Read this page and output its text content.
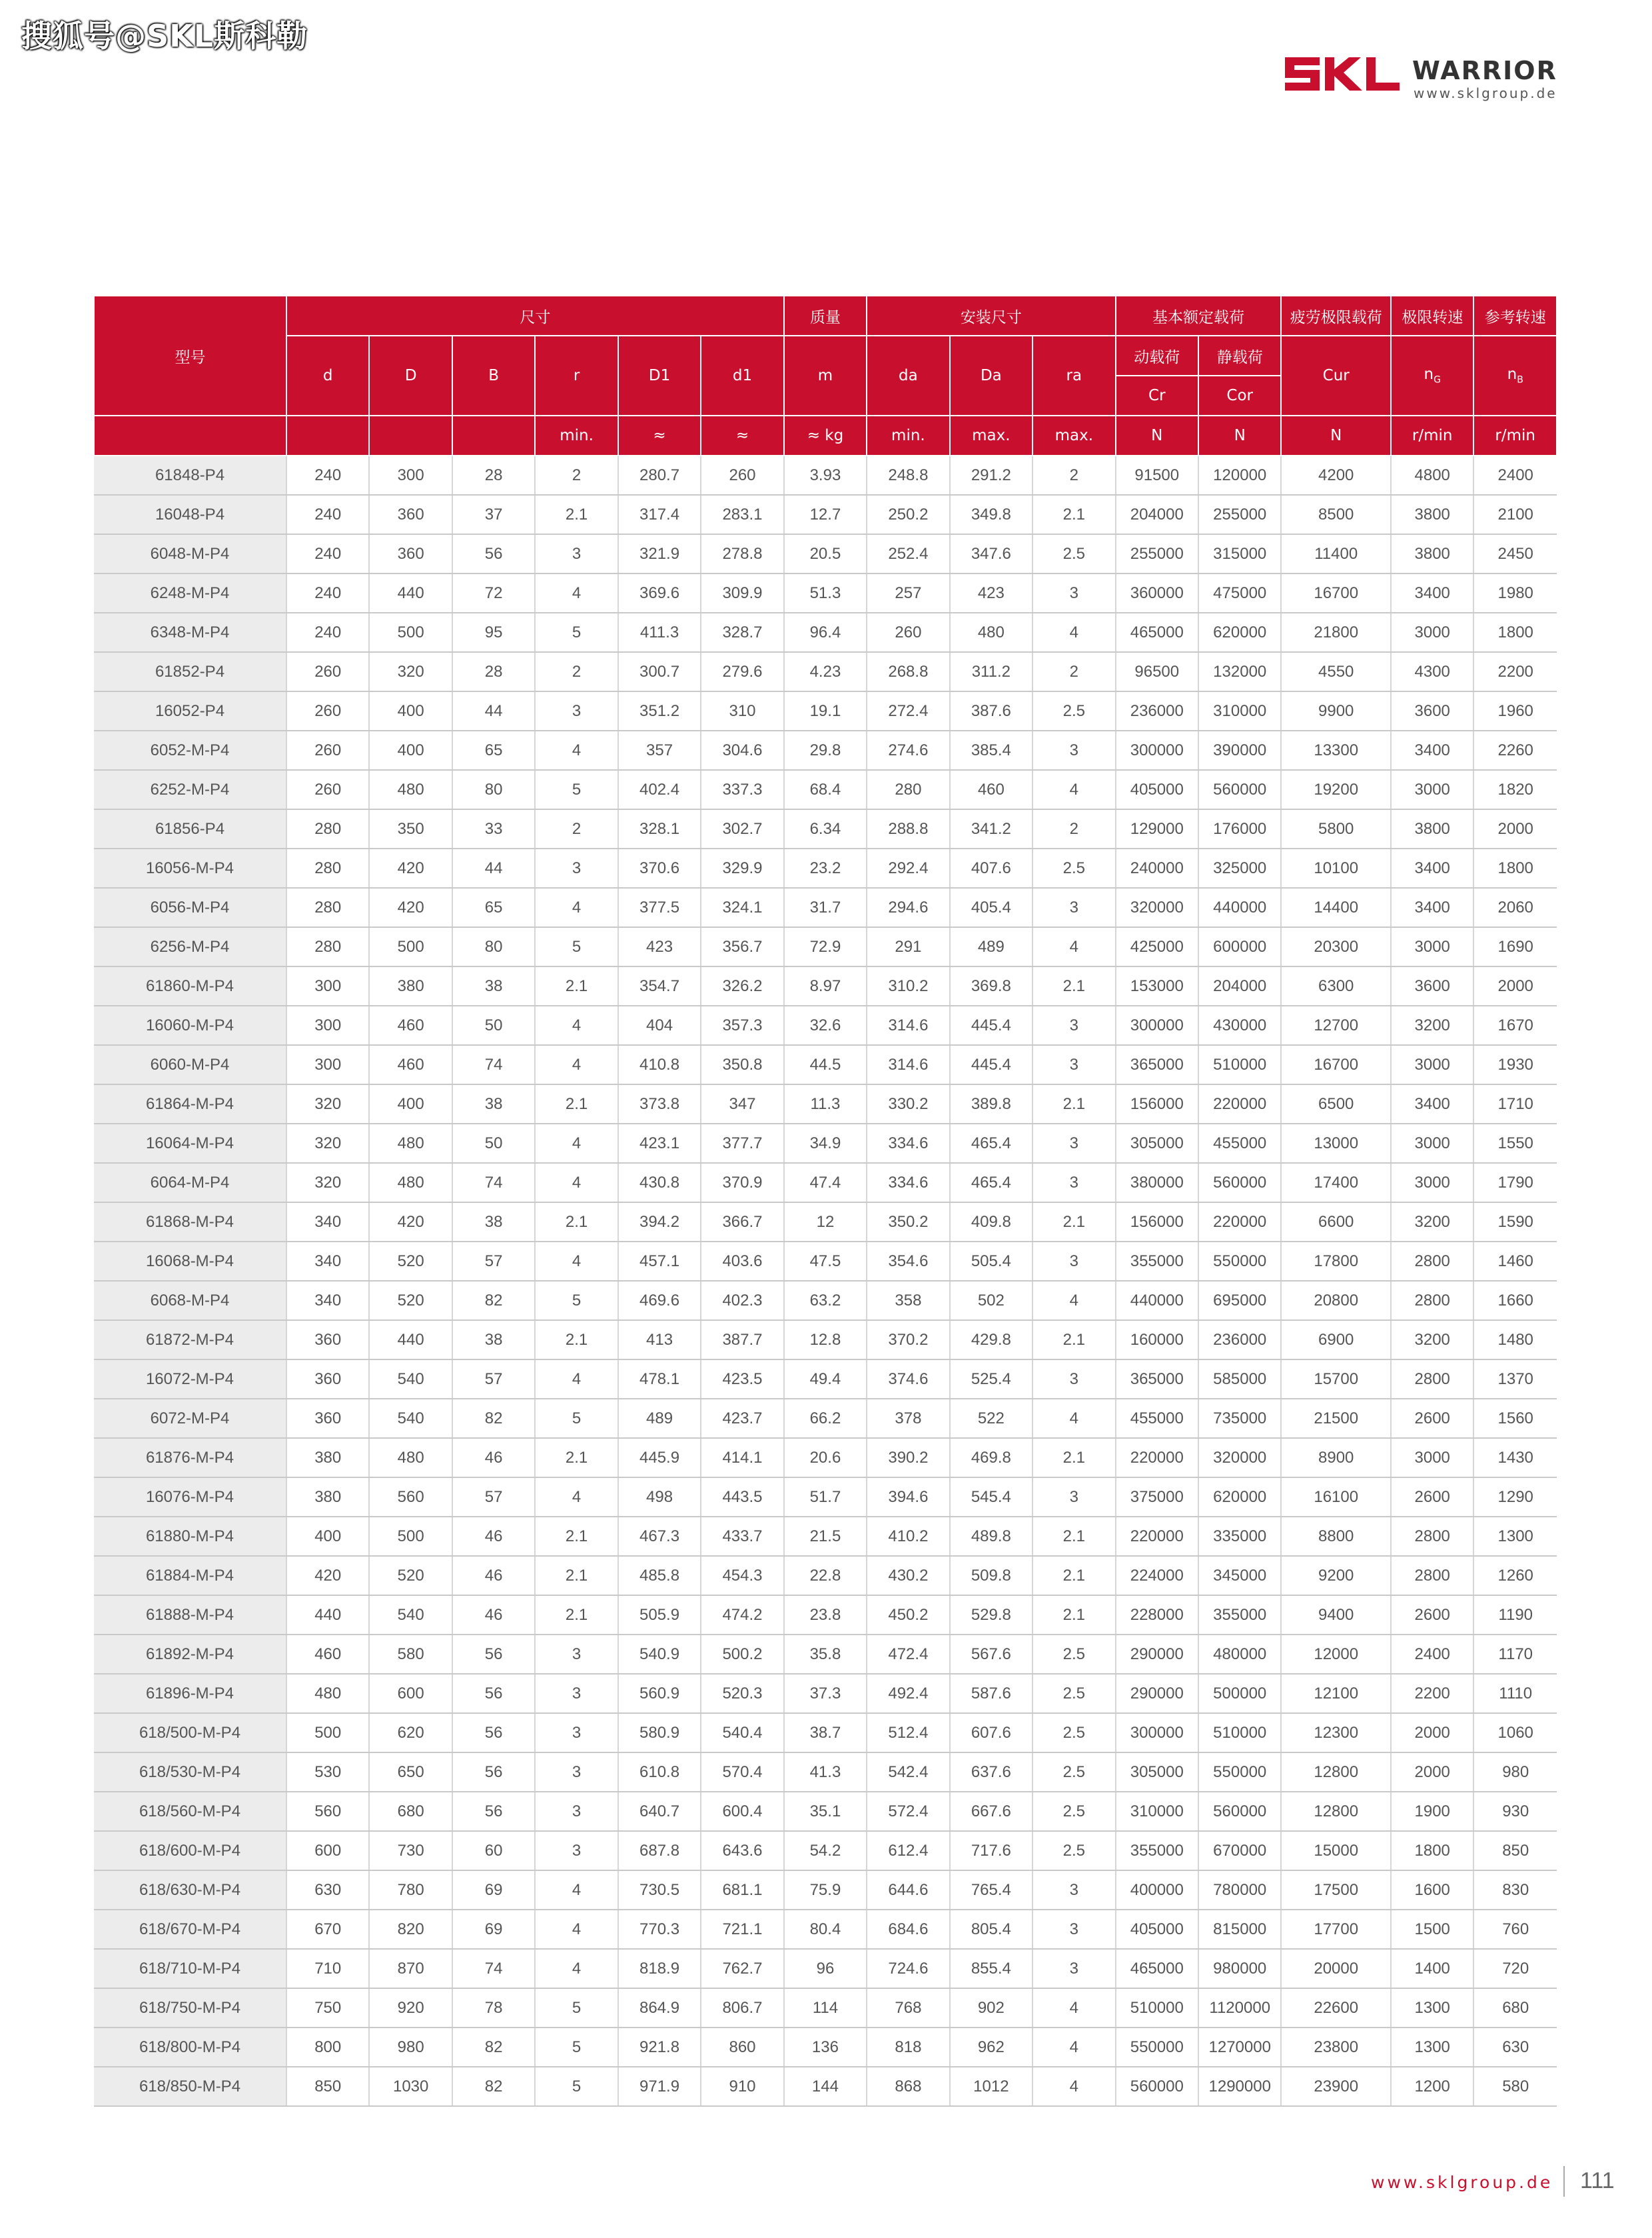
搜狐号@SKL斯科勒
WARRIOR
www.sklgroup.de
型号	尺寸						质量	安装尺寸			基本额定载荷		疲劳极限载荷	极限转速	参考转速
	d	D	B	r	D1	d1	m	da	Da	ra	动载荷	静载荷	Cur	$n_G$	$n_B$
											Cr	Cor			
				min.	≈	≈	≈ kg	min.	max.	max.	N	N	N	r/min	r/min
61848-P4	240	300	28	2	280.7	260	3.93	248.8	291.2	2	91500	120000	4200	4800	2400
16048-P4	240	360	37	2.1	317.4	283.1	12.7	250.2	349.8	2.1	204000	255000	8500	3800	2100
6048-M-P4	240	360	56	3	321.9	278.8	20.5	252.4	347.6	2.5	255000	315000	11400	3800	2450
6248-M-P4	240	440	72	4	369.6	309.9	51.3	257	423	3	360000	475000	16700	3400	1980
6348-M-P4	240	500	95	5	411.3	328.7	96.4	260	480	4	465000	620000	21800	3000	1800
61852-P4	260	320	28	2	300.7	279.6	4.23	268.8	311.2	2	96500	132000	4550	4300	2200
16052-P4	260	400	44	3	351.2	310	19.1	272.4	387.6	2.5	236000	310000	9900	3600	1960
6052-M-P4	260	400	65	4	357	304.6	29.8	274.6	385.4	3	300000	390000	13300	3400	2260
6252-M-P4	260	480	80	5	402.4	337.3	68.4	280	460	4	405000	560000	19200	3000	1820
61856-P4	280	350	33	2	328.1	302.7	6.34	288.8	341.2	2	129000	176000	5800	3800	2000
16056-M-P4	280	420	44	3	370.6	329.9	23.2	292.4	407.6	2.5	240000	325000	10100	3400	1800
6056-M-P4	280	420	65	4	377.5	324.1	31.7	294.6	405.4	3	320000	440000	14400	3400	2060
6256-M-P4	280	500	80	5	423	356.7	72.9	291	489	4	425000	600000	20300	3000	1690
61860-M-P4	300	380	38	2.1	354.7	326.2	8.97	310.2	369.8	2.1	153000	204000	6300	3600	2000
16060-M-P4	300	460	50	4	404	357.3	32.6	314.6	445.4	3	300000	430000	12700	3200	1670
6060-M-P4	300	460	74	4	410.8	350.8	44.5	314.6	445.4	3	365000	510000	16700	3000	1930
61864-M-P4	320	400	38	2.1	373.8	347	11.3	330.2	389.8	2.1	156000	220000	6500	3400	1710
16064-M-P4	320	480	50	4	423.1	377.7	34.9	334.6	465.4	3	305000	455000	13000	3000	1550
6064-M-P4	320	480	74	4	430.8	370.9	47.4	334.6	465.4	3	380000	560000	17400	3000	1790
61868-M-P4	340	420	38	2.1	394.2	366.7	12	350.2	409.8	2.1	156000	220000	6600	3200	1590
16068-M-P4	340	520	57	4	457.1	403.6	47.5	354.6	505.4	3	355000	550000	17800	2800	1460
6068-M-P4	340	520	82	5	469.6	402.3	63.2	358	502	4	440000	695000	20800	2800	1660
61872-M-P4	360	440	38	2.1	413	387.7	12.8	370.2	429.8	2.1	160000	236000	6900	3200	1480
16072-M-P4	360	540	57	4	478.1	423.5	49.4	374.6	525.4	3	365000	585000	15700	2800	1370
6072-M-P4	360	540	82	5	489	423.7	66.2	378	522	4	455000	735000	21500	2600	1560
61876-M-P4	380	480	46	2.1	445.9	414.1	20.6	390.2	469.8	2.1	220000	320000	8900	3000	1430
16076-M-P4	380	560	57	4	498	443.5	51.7	394.6	545.4	3	375000	620000	16100	2600	1290
61880-M-P4	400	500	46	2.1	467.3	433.7	21.5	410.2	489.8	2.1	220000	335000	8800	2800	1300
61884-M-P4	420	520	46	2.1	485.8	454.3	22.8	430.2	509.8	2.1	224000	345000	9200	2800	1260
61888-M-P4	440	540	46	2.1	505.9	474.2	23.8	450.2	529.8	2.1	228000	355000	9400	2600	1190
61892-M-P4	460	580	56	3	540.9	500.2	35.8	472.4	567.6	2.5	290000	480000	12000	2400	1170
61896-M-P4	480	600	56	3	560.9	520.3	37.3	492.4	587.6	2.5	290000	500000	12100	2200	1110
618/500-M-P4	500	620	56	3	580.9	540.4	38.7	512.4	607.6	2.5	300000	510000	12300	2000	1060
618/530-M-P4	530	650	56	3	610.8	570.4	41.3	542.4	637.6	2.5	305000	550000	12800	2000	980
618/560-M-P4	560	680	56	3	640.7	600.4	35.1	572.4	667.6	2.5	310000	560000	12800	1900	930
618/600-M-P4	600	730	60	3	687.8	643.6	54.2	612.4	717.6	2.5	355000	670000	15000	1800	850
618/630-M-P4	630	780	69	4	730.5	681.1	75.9	644.6	765.4	3	400000	780000	17500	1600	830
618/670-M-P4	670	820	69	4	770.3	721.1	80.4	684.6	805.4	3	405000	815000	17700	1500	760
618/710-M-P4	710	870	74	4	818.9	762.7	96	724.6	855.4	3	465000	980000	20000	1400	720
618/750-M-P4	750	920	78	5	864.9	806.7	114	768	902	4	510000	1120000	22600	1300	680
618/800-M-P4	800	980	82	5	921.8	860	136	818	962	4	550000	1270000	23800	1300	630
618/850-M-P4	850	1030	82	5	971.9	910	144	868	1012	4	560000	1290000	23900	1200	580
www.sklgroup.de 111
